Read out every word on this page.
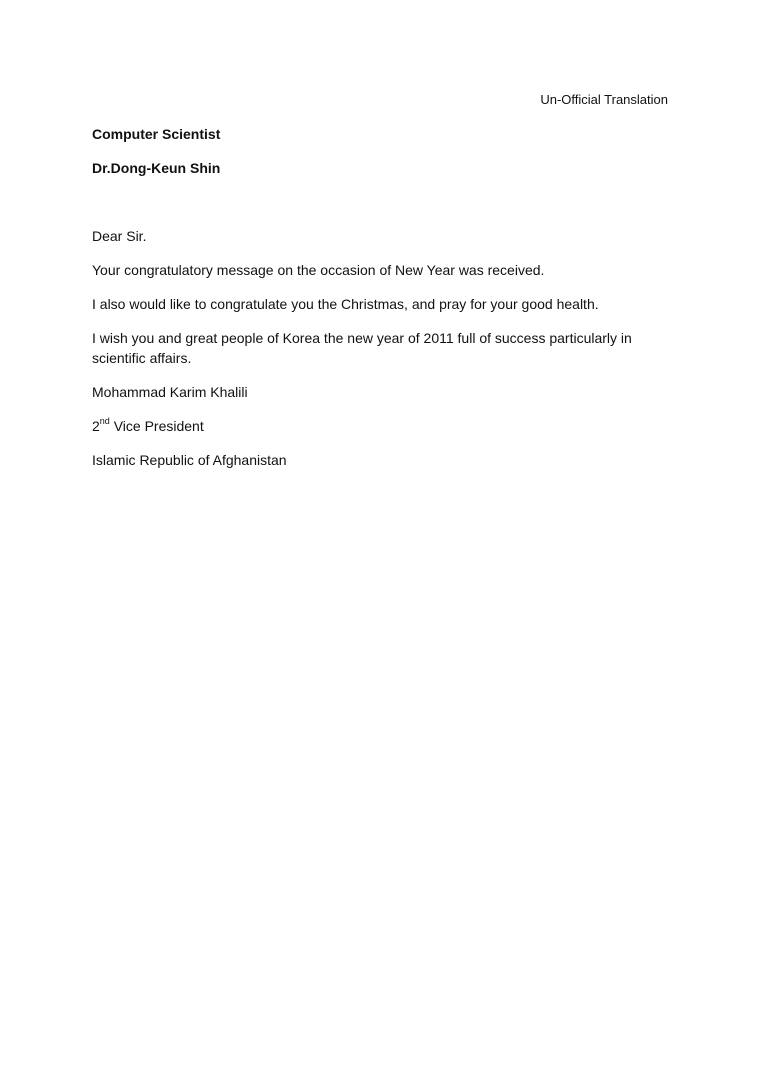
Un-Official Translation
Computer Scientist
Dr.Dong-Keun Shin
Dear Sir.
Your congratulatory message on the occasion of New Year was received.
I also would like to congratulate you the Christmas, and pray for your good health.
I wish you and great people of Korea the new year of 2011 full of success particularly in scientific affairs.
Mohammad Karim Khalili
2nd Vice President
Islamic Republic of Afghanistan
